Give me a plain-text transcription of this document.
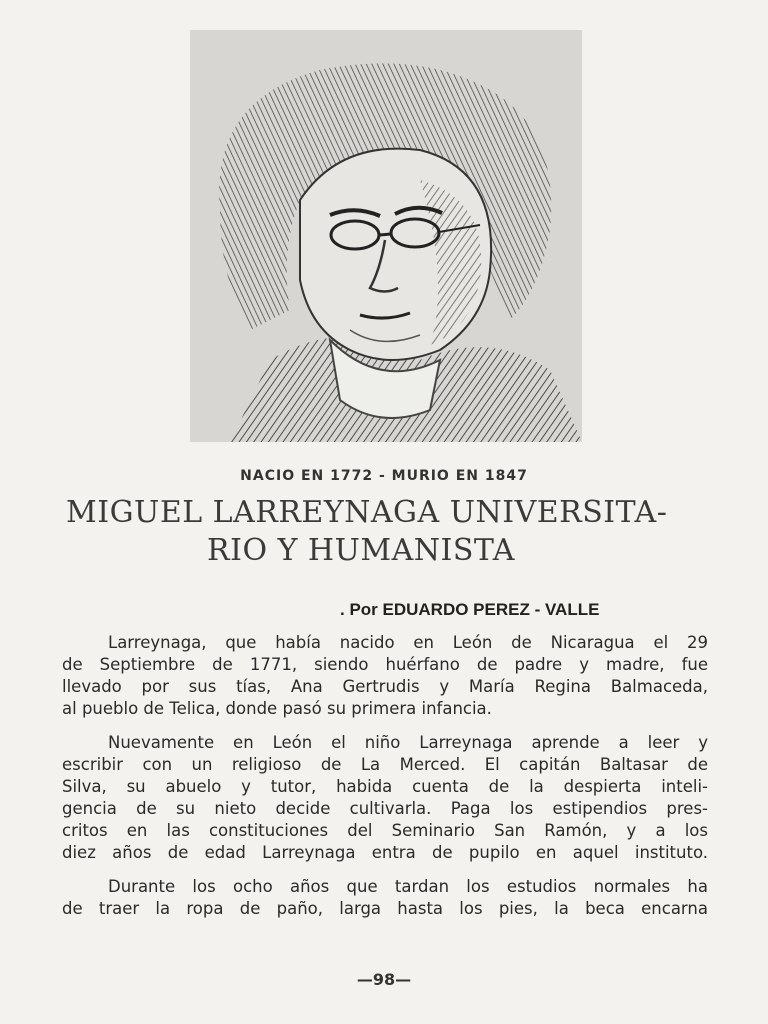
NACIO EN 1772 - MURIO EN 1847
MIGUEL LARREYNAGA UNIVERSITA-
RIO Y HUMANISTA
. Por EDUARDO PEREZ - VALLE

Larreynaga, que había nacido en León de Nicaragua el 29
de Septiembre de 1771, siendo huérfano de padre y madre, fue
llevado por sus tías, Ana Gertrudis y María Regina Balmaceda,
al pueblo de Telica, donde pasó su primera infancia.

Nuevamente en León el niño Larreynaga aprende a leer y
escribir con un religioso de La Merced. El capitán Baltasar de
Silva, su abuelo y tutor, habida cuenta de la despierta inteli-
gencia de su nieto decide cultivarla. Paga los estipendios pres-
critos en las constituciones del Seminario San Ramón, y a los
diez años de edad Larreynaga entra de pupilo en aquel instituto.

Durante los ocho años que tardan los estudios normales ha
de traer la ropa de paño, larga hasta los pies, la beca encarna

—98—
